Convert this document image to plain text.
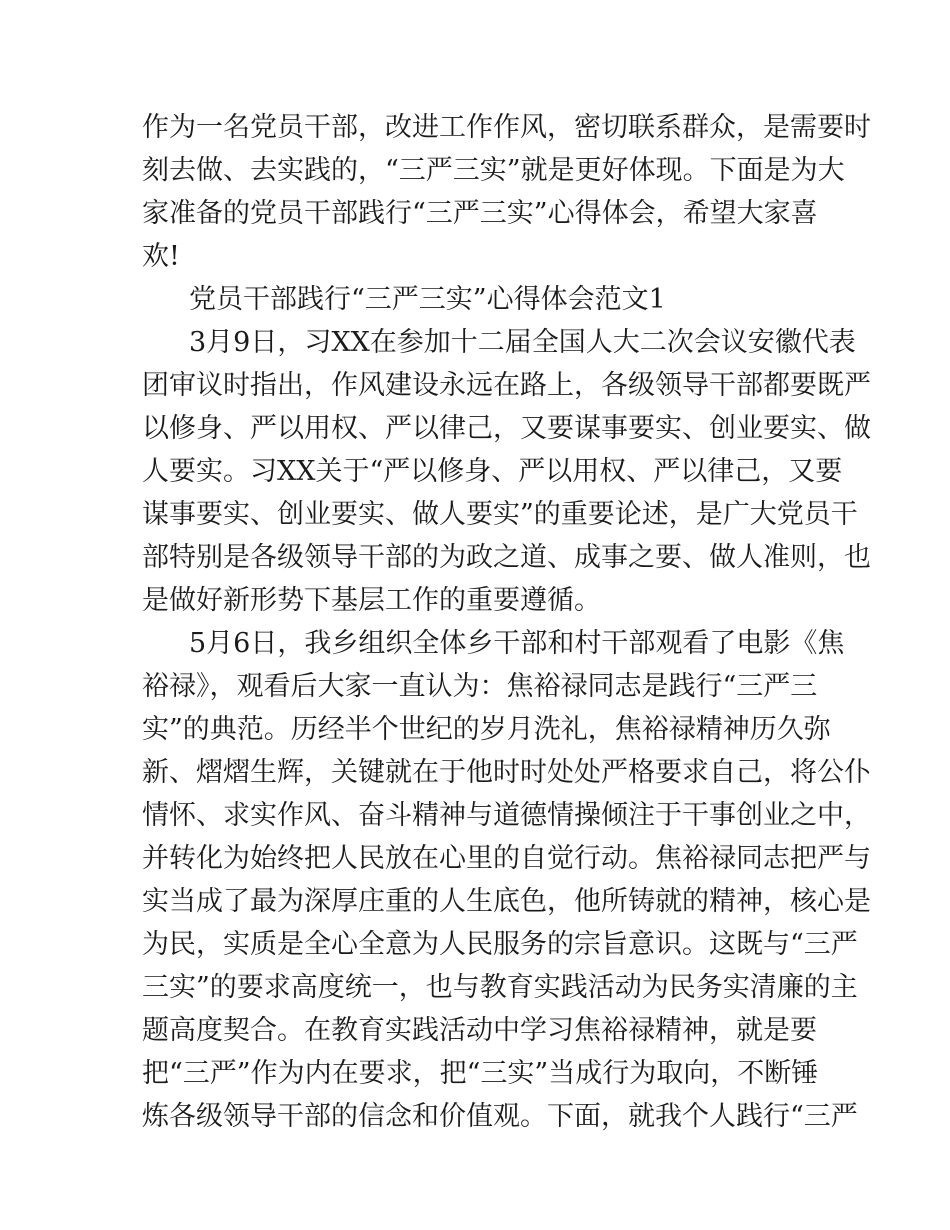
作为一名党员干部，改进工作作风，密切联系群众，是需要时
刻去做、去实践的，“三严三实”就是更好体现。下面是为大
家准备的党员干部践行“三严三实”心得体会，希望大家喜
欢!
党员干部践行“三严三实”心得体会范文1
3月9日，习XX在参加十二届全国人大二次会议安徽代表
团审议时指出，作风建设永远在路上，各级领导干部都要既严
以修身、严以用权、严以律己，又要谋事要实、创业要实、做
人要实。习XX关于“严以修身、严以用权、严以律己，又要
谋事要实、创业要实、做人要实”的重要论述，是广大党员干
部特别是各级领导干部的为政之道、成事之要、做人准则，也
是做好新形势下基层工作的重要遵循。
5月6日，我乡组织全体乡干部和村干部观看了电影《焦
裕禄》，观看后大家一直认为：焦裕禄同志是践行“三严三
实”的典范。历经半个世纪的岁月洗礼，焦裕禄精神历久弥
新、熠熠生辉，关键就在于他时时处处严格要求自己，将公仆
情怀、求实作风、奋斗精神与道德情操倾注于干事创业之中，
并转化为始终把人民放在心里的自觉行动。焦裕禄同志把严与
实当成了最为深厚庄重的人生底色，他所铸就的精神，核心是
为民，实质是全心全意为人民服务的宗旨意识。这既与“三严
三实”的要求高度统一，也与教育实践活动为民务实清廉的主
题高度契合。在教育实践活动中学习焦裕禄精神，就是要
把“三严”作为内在要求，把“三实”当成行为取向，不断锤
炼各级领导干部的信念和价值观。下面，就我个人践行“三严
